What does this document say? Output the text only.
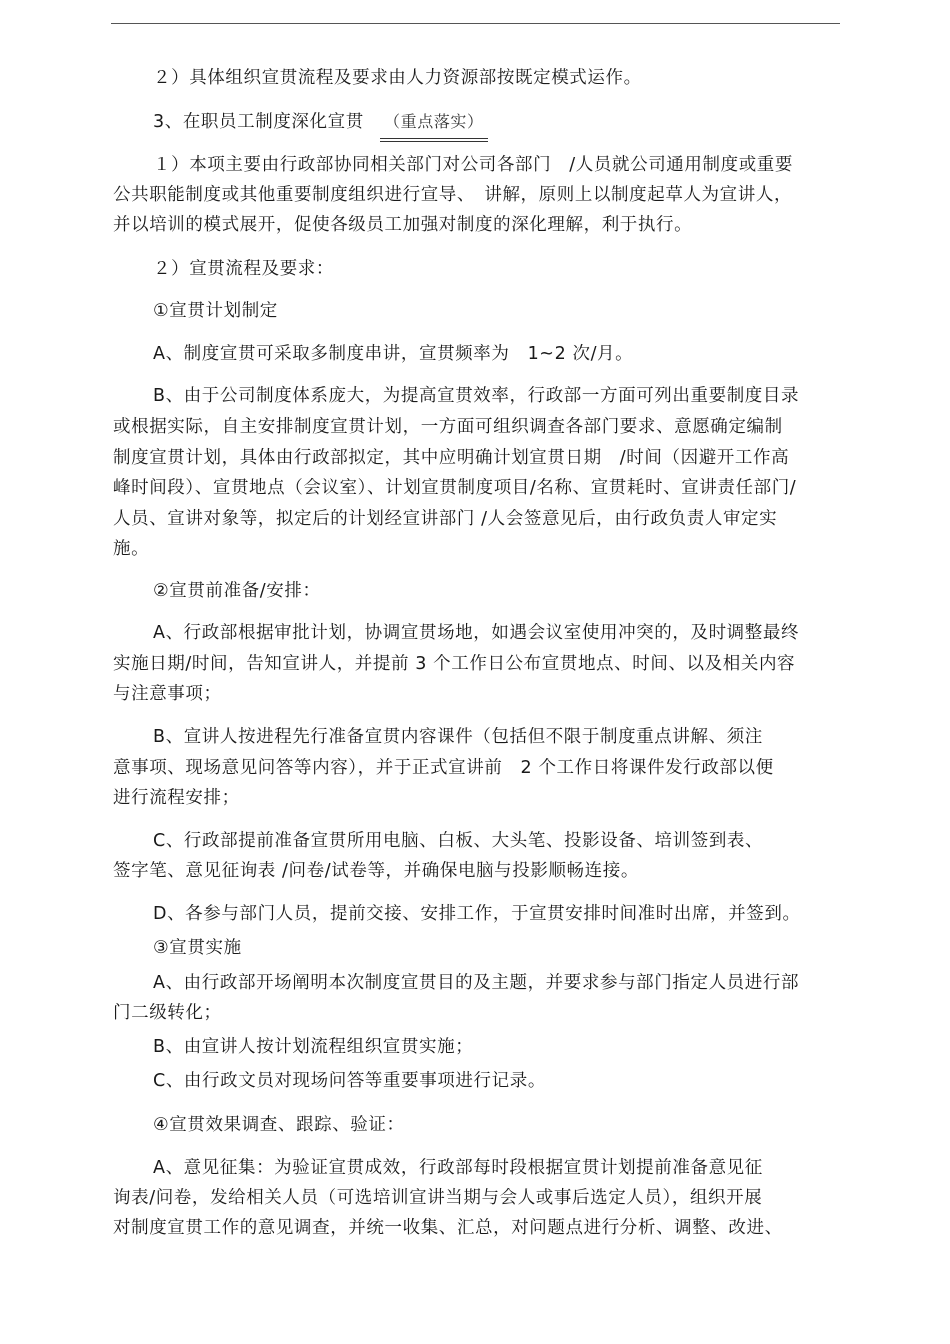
２）具体组织宣贯流程及要求由人力资源部按既定模式运作。
3、在职员工制度深化宣贯 （重点落实）
１）本项主要由行政部协同相关部门对公司各部门　/人员就公司通用制度或重要
公共职能制度或其他重要制度组织进行宣导、　讲解，原则上以制度起草人为宣讲人，
并以培训的模式展开，促使各级员工加强对制度的深化理解，利于执行。
２）宣贯流程及要求：
①宣贯计划制定
A、制度宣贯可采取多制度串讲，宣贯频率为　1~2 次/月。
B、由于公司制度体系庞大，为提高宣贯效率，行政部一方面可列出重要制度目录
或根据实际，自主安排制度宣贯计划，一方面可组织调查各部门要求、意愿确定编制
制度宣贯计划，具体由行政部拟定，其中应明确计划宣贯日期　/时间（因避开工作高
峰时间段）、宣贯地点（会议室）、计划宣贯制度项目/名称、宣贯耗时、宣讲责任部门/
人员、宣讲对象等，拟定后的计划经宣讲部门 /人会签意见后，由行政负责人审定实
施。
②宣贯前准备/安排：
A、行政部根据审批计划，协调宣贯场地，如遇会议室使用冲突的，及时调整最终
实施日期/时间，告知宣讲人，并提前 3 个工作日公布宣贯地点、时间、以及相关内容
与注意事项；
B、宣讲人按进程先行准备宣贯内容课件（包括但不限于制度重点讲解、须注
意事项、现场意见问答等内容），并于正式宣讲前　2 个工作日将课件发行政部以便
进行流程安排；
C、行政部提前准备宣贯所用电脑、白板、大头笔、投影设备、培训签到表、
签字笔、意见征询表 /问卷/试卷等，并确保电脑与投影顺畅连接。
D、各参与部门人员，提前交接、安排工作，于宣贯安排时间准时出席，并签到。
③宣贯实施
A、由行政部开场阐明本次制度宣贯目的及主题，并要求参与部门指定人员进行部
门二级转化；
B、由宣讲人按计划流程组织宣贯实施；
C、由行政文员对现场问答等重要事项进行记录。
④宣贯效果调查、跟踪、验证：
A、意见征集：为验证宣贯成效，行政部每时段根据宣贯计划提前准备意见征
询表/问卷，发给相关人员（可选培训宣讲当期与会人或事后选定人员），组织开展
对制度宣贯工作的意见调查，并统一收集、汇总，对问题点进行分析、调整、改进、
